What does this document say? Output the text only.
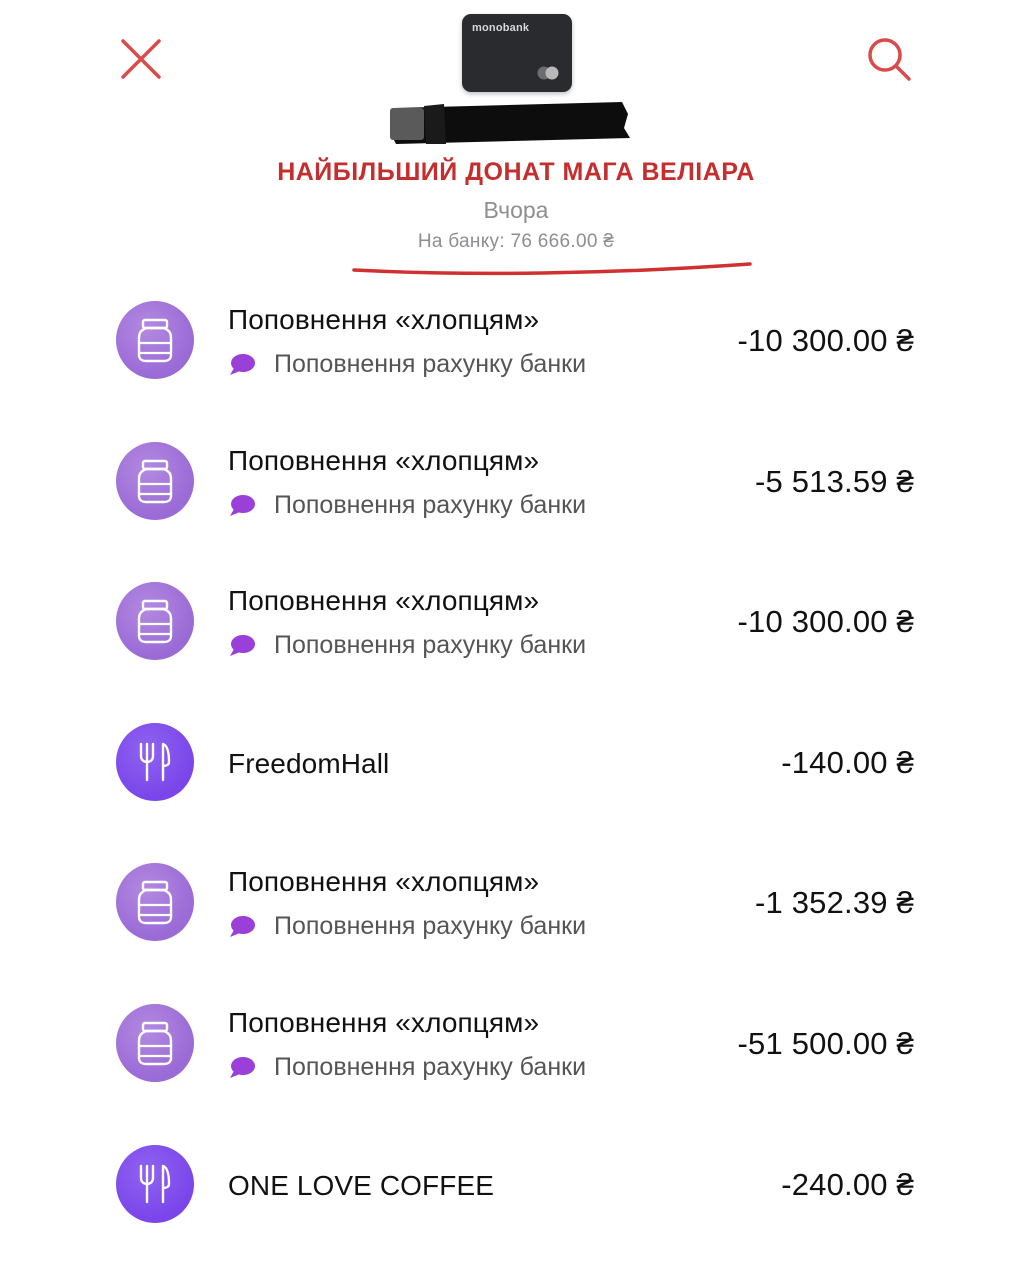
monobank
НАЙБІЛЬШИЙ ДОНАТ МАГА ВЕЛІАРА
Вчора
На банку: 76 666.00 ₴
Поповнення «хлопцям»
Поповнення рахунку банки
-10 300.00 ₴
Поповнення «хлопцям»
Поповнення рахунку банки
-5 513.59 ₴
Поповнення «хлопцям»
Поповнення рахунку банки
-10 300.00 ₴
FreedomHall	-140.00 ₴
Поповнення «хлопцям»
Поповнення рахунку банки
-1 352.39 ₴
Поповнення «хлопцям»
Поповнення рахунку банки
-51 500.00 ₴
ONE LOVE COFFEE	-240.00 ₴
